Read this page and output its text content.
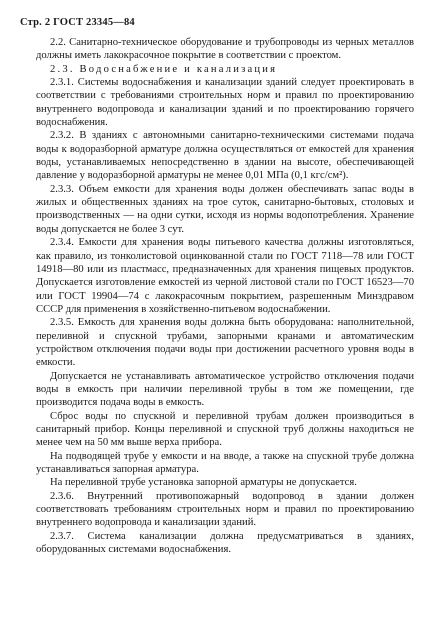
Стр. 2 ГОСТ 23345—84

2.2. Санитарно-техническое оборудование и трубопроводы из черных металлов должны иметь лакокрасочное покрытие в соответствии с проектом.

2.3. Водоснабжение и канализация

2.3.1. Системы водоснабжения и канализации зданий следует проектировать в соответствии с требованиями строительных норм и правил по проектированию внутреннего водопровода и канализации зданий и по проектированию горячего водоснабжения.

2.3.2. В зданиях с автономными санитарно-техническими системами подача воды к водоразборной арматуре должна осуществляться от емкостей для хранения воды, устанавливаемых непосредственно в здании на высоте, обеспечивающей давление у водоразборной арматуры не менее 0,01 МПа (0,1 кгс/см²).

2.3.3. Объем емкости для хранения воды должен обеспечивать запас воды в жилых и общественных зданиях на трое суток, санитарно-бытовых, столовых и производственных — на одни сутки, исходя из нормы водопотребления. Хранение воды допускается не более 3 сут.

2.3.4. Емкости для хранения воды питьевого качества должны изготовляться, как правило, из тонколистовой оцинкованной стали по ГОСТ 7118—78 или ГОСТ 14918—80 или из пластмасс, предназначенных для хранения пищевых продуктов. Допускается изготовление емкостей из черной листовой стали по ГОСТ 16523—70 или ГОСТ 19904—74 с лакокрасочным покрытием, разрешенным Минздравом СССР для применения в хозяйственно-питьевом водоснабжении.

2.3.5. Емкость для хранения воды должна быть оборудована: наполнительной, переливной и спускной трубами, запорными кранами и автоматическим устройством отключения подачи воды при достижении расчетного уровня воды в емкости.

Допускается не устанавливать автоматическое устройство отключения подачи воды в емкость при наличии переливной трубы в том же помещении, где производится подача воды в емкость.

Сброс воды по спускной и переливной трубам должен производиться в санитарный прибор. Концы переливной и спускной труб должны находиться не менее чем на 50 мм выше верха прибора.

На подводящей трубе у емкости и на вводе, а также на спускной трубе должна устанавливаться запорная арматура.

На переливной трубе установка запорной арматуры не допускается.

2.3.6. Внутренний противопожарный водопровод в здании должен соответствовать требованиям строительных норм и правил по проектированию внутреннего водопровода и канализации зданий.

2.3.7. Система канализации должна предусматриваться в зданиях, оборудованных системами водоснабжения.
